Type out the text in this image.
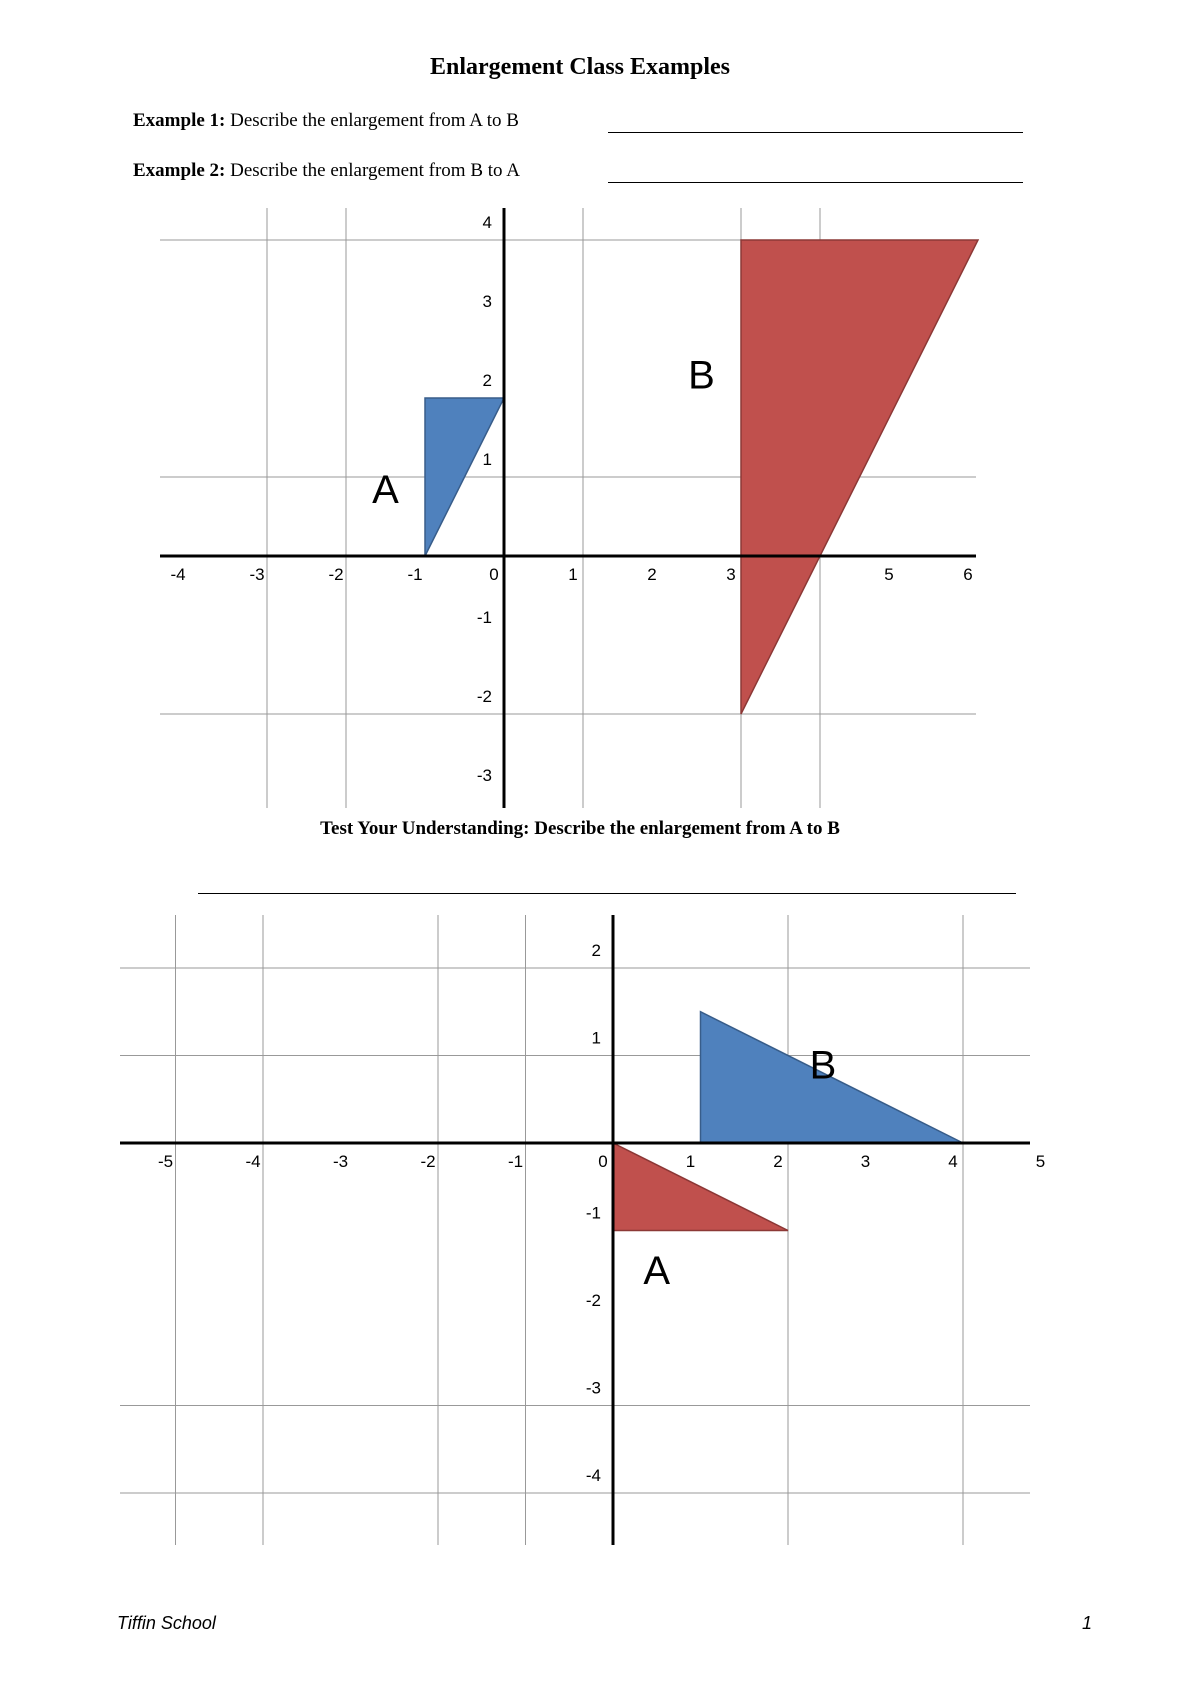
Enlargement Class Examples
Example 1: Describe the enlargement from A to B
Example 2: Describe the enlargement from B to A
-4	-3	-2	-1	0	1	2	3	5	6
4
3
2
1
-1
-2
-3
A
B
Test Your Understanding: Describe the enlargement from A to B
-5	-4	-3	-2	-1	0	1	2	3	4	5
2
1
-1
-2
-3
-4
B
A
Tiffin School	1
